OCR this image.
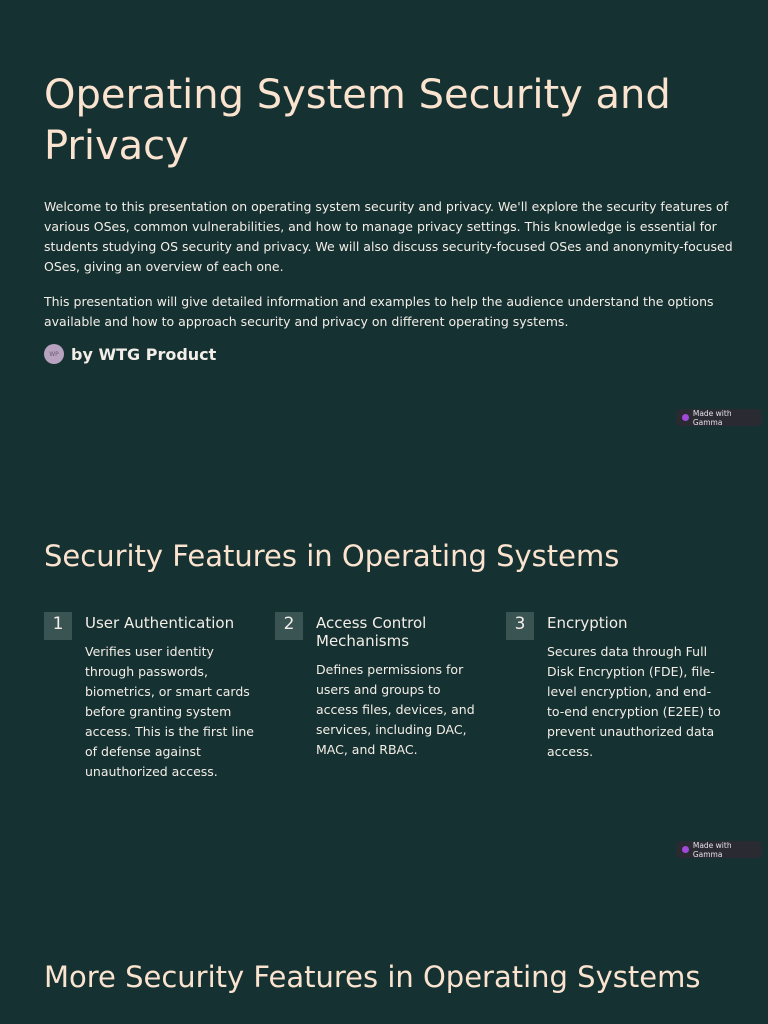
Operating System Security and Privacy

Welcome to this presentation on operating system security and privacy. We'll explore the security features of various OSes, common vulnerabilities, and how to manage privacy settings. This knowledge is essential for students studying OS security and privacy. We will also discuss security-focused OSes and anonymity-focused OSes, giving an overview of each one.

This presentation will give detailed information and examples to help the audience understand the options available and how to approach security and privacy on different operating systems.

WP by WTG Product
Made with Gamma
Security Features in Operating Systems
1	User Authentication

Verifies user identity through passwords, biometrics, or smart cards before granting system access. This is the first line of defense against unauthorized access.

2	Access Control Mechanisms

Defines permissions for users and groups to access files, devices, and services, including DAC, MAC, and RBAC.

3	Encryption

Secures data through Full Disk Encryption (FDE), file-level encryption, and end-to-end encryption (E2EE) to prevent unauthorized data access.

Made with Gamma
More Security Features in Operating Systems
